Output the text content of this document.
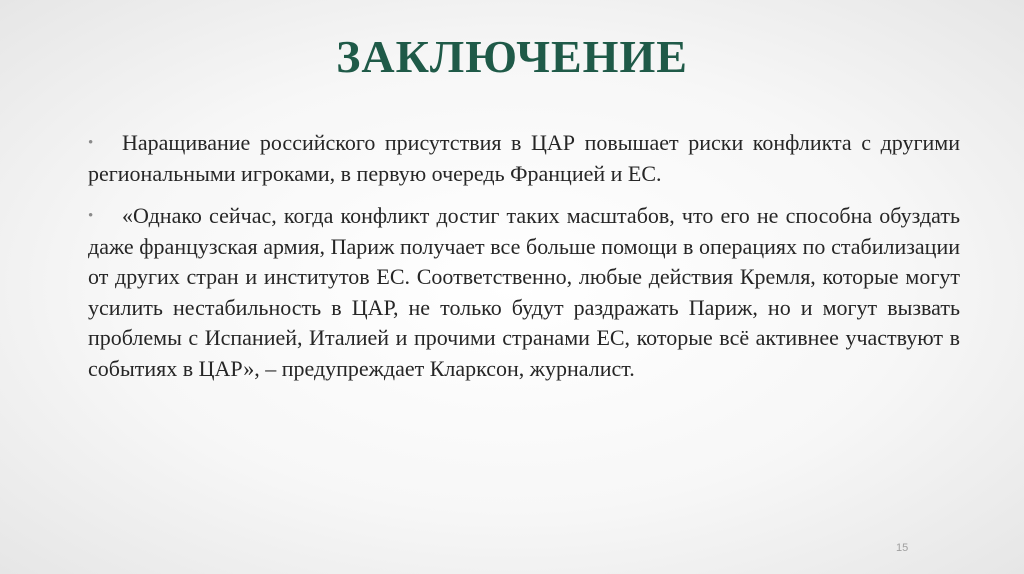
ЗАКЛЮЧЕНИЕ

• Наращивание российского присутствия в ЦАР повышает риски конфликта с другими региональными игроками, в первую очередь Францией и ЕС.

• «Однако сейчас, когда конфликт достиг таких масштабов, что его не способна обуздать даже французская армия, Париж получает все больше помощи в операциях по стабилизации от других стран и институтов ЕС. Соответственно, любые действия Кремля, которые могут усилить нестабильность в ЦАР, не только будут раздражать Париж, но и могут вызвать проблемы с Испанией, Италией и прочими странами ЕС, которые всё активнее участвуют в событиях в ЦАР», – предупреждает Кларксон, журналист.

15
